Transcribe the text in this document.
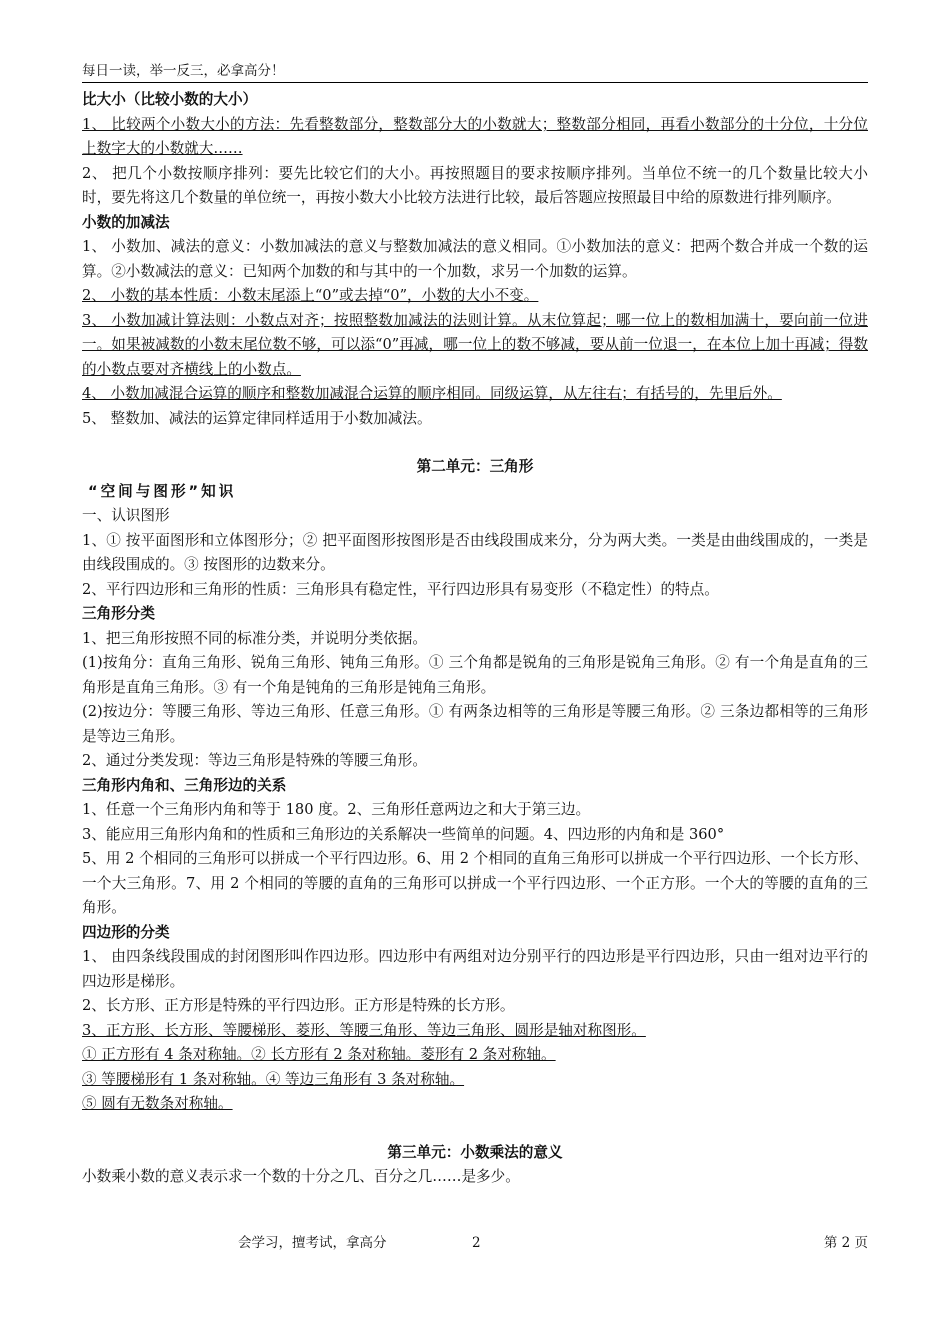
每日一读，举一反三，必拿高分！

比大小（比较小数的大小）

1、 比较两个小数大小的方法：先看整数部分，整数部分大的小数就大；整数部分相同，再看小数部分的十分位，十分位上数字大的小数就大……

2、 把几个小数按顺序排列：要先比较它们的大小。再按照题目的要求按顺序排列。当单位不统一的几个数量比较大小时，要先将这几个数量的单位统一，再按小数大小比较方法进行比较，最后答题应按照最目中给的原数进行排列顺序。

小数的加减法

1、 小数加、减法的意义：小数加减法的意义与整数加减法的意义相同。①小数加法的意义：把两个数合并成一个数的运算。②小数减法的意义：已知两个加数的和与其中的一个加数，求另一个加数的运算。

2、 小数的基本性质：小数末尾添上“0”或去掉“0”，小数的大小不变。

3、 小数加减计算法则：小数点对齐；按照整数加减法的法则计算。从末位算起；哪一位上的数相加满十，要向前一位进一。如果被减数的小数末尾位数不够，可以添“0”再减，哪一位上的数不够减，要从前一位退一，在本位上加十再减；得数的小数点要对齐横线上的小数点。

4、 小数加减混合运算的顺序和整数加减混合运算的顺序相同。同级运算，从左往右；有括号的，先里后外。

5、 整数加、减法的运算定律同样适用于小数加减法。

第二单元：三角形

“空间与图形”知识

一、认识图形

1、① 按平面图形和立体图形分；② 把平面图形按图形是否由线段围成来分，分为两大类。一类是由曲线围成的，一类是由线段围成的。③ 按图形的边数来分。

2、平行四边形和三角形的性质：三角形具有稳定性，平行四边形具有易变形（不稳定性）的特点。

三角形分类

1、把三角形按照不同的标准分类，并说明分类依据。

(1)按角分：直角三角形、锐角三角形、钝角三角形。① 三个角都是锐角的三角形是锐角三角形。② 有一个角是直角的三角形是直角三角形。③ 有一个角是钝角的三角形是钝角三角形。

(2)按边分：等腰三角形、等边三角形、任意三角形。① 有两条边相等的三角形是等腰三角形。② 三条边都相等的三角形是等边三角形。

2、通过分类发现：等边三角形是特殊的等腰三角形。

三角形内角和、三角形边的关系

1、任意一个三角形内角和等于 180 度。2、三角形任意两边之和大于第三边。

3、能应用三角形内角和的性质和三角形边的关系解决一些简单的问题。4、四边形的内角和是 360°

5、用 2 个相同的三角形可以拼成一个平行四边形。6、用 2 个相同的直角三角形可以拼成一个平行四边形、一个长方形、一个大三角形。7、用 2 个相同的等腰的直角的三角形可以拼成一个平行四边形、一个正方形。一个大的等腰的直角的三角形。

四边形的分类

1、 由四条线段围成的封闭图形叫作四边形。四边形中有两组对边分别平行的四边形是平行四边形，只由一组对边平行的四边形是梯形。

2、长方形、正方形是特殊的平行四边形。正方形是特殊的长方形。

3、正方形、长方形、等腰梯形、菱形、等腰三角形、等边三角形、圆形是轴对称图形。

① 正方形有 4 条对称轴。② 长方形有 2 条对称轴。菱形有 2 条对称轴。

③ 等腰梯形有 1 条对称轴。④ 等边三角形有 3 条对称轴。

⑤ 圆有无数条对称轴。

第三单元：小数乘法的意义

小数乘小数的意义表示求一个数的十分之几、百分之几……是多少。

会学习，擅考试，拿高分	2	第 2 页
